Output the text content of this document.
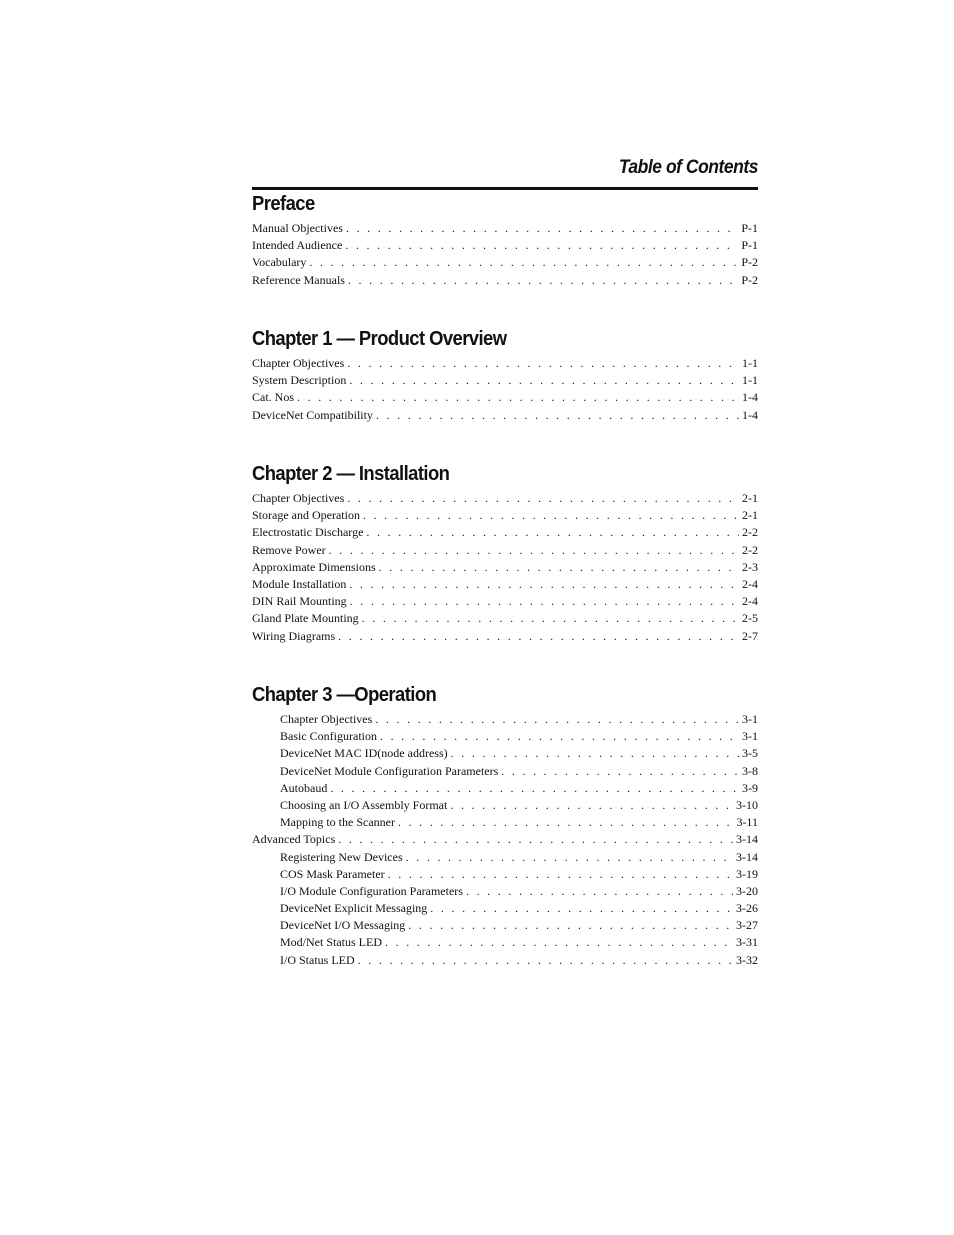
Table of Contents
Preface
Manual Objectives . . .	P-1
Intended Audience . . .	P-1
Vocabulary . . .	P-2
Reference Manuals . . .	P-2
Chapter 1 — Product Overview
Chapter Objectives . . .	1-1
System Description . . .	1-1
Cat. Nos . . .	1-4
DeviceNet Compatibility . . .	1-4
Chapter 2 — Installation
Chapter Objectives . . .	2-1
Storage and Operation . . .	2-1
Electrostatic Discharge . . .	2-2
Remove Power . . .	2-2
Approximate Dimensions . . .	2-3
Module Installation . . .	2-4
DIN Rail Mounting . . .	2-4
Gland Plate Mounting . . .	2-5
Wiring Diagrams . . .	2-7
Chapter 3 —Operation
Chapter Objectives . . .	3-1
Basic Configuration . . .	3-1
DeviceNet MAC ID(node address) . . .	3-5
DeviceNet Module Configuration Parameters . . .	3-8
Autobaud . . .	3-9
Choosing an I/O Assembly Format . . .	3-10
Mapping to the Scanner . . .	3-11
Advanced Topics . . .	3-14
Registering New Devices . . .	3-14
COS Mask Parameter . . .	3-19
I/O Module Configuration Parameters . . .	3-20
DeviceNet Explicit Messaging . . .	3-26
DeviceNet I/O Messaging . . .	3-27
Mod/Net Status LED . . .	3-31
I/O Status LED . . .	3-32
